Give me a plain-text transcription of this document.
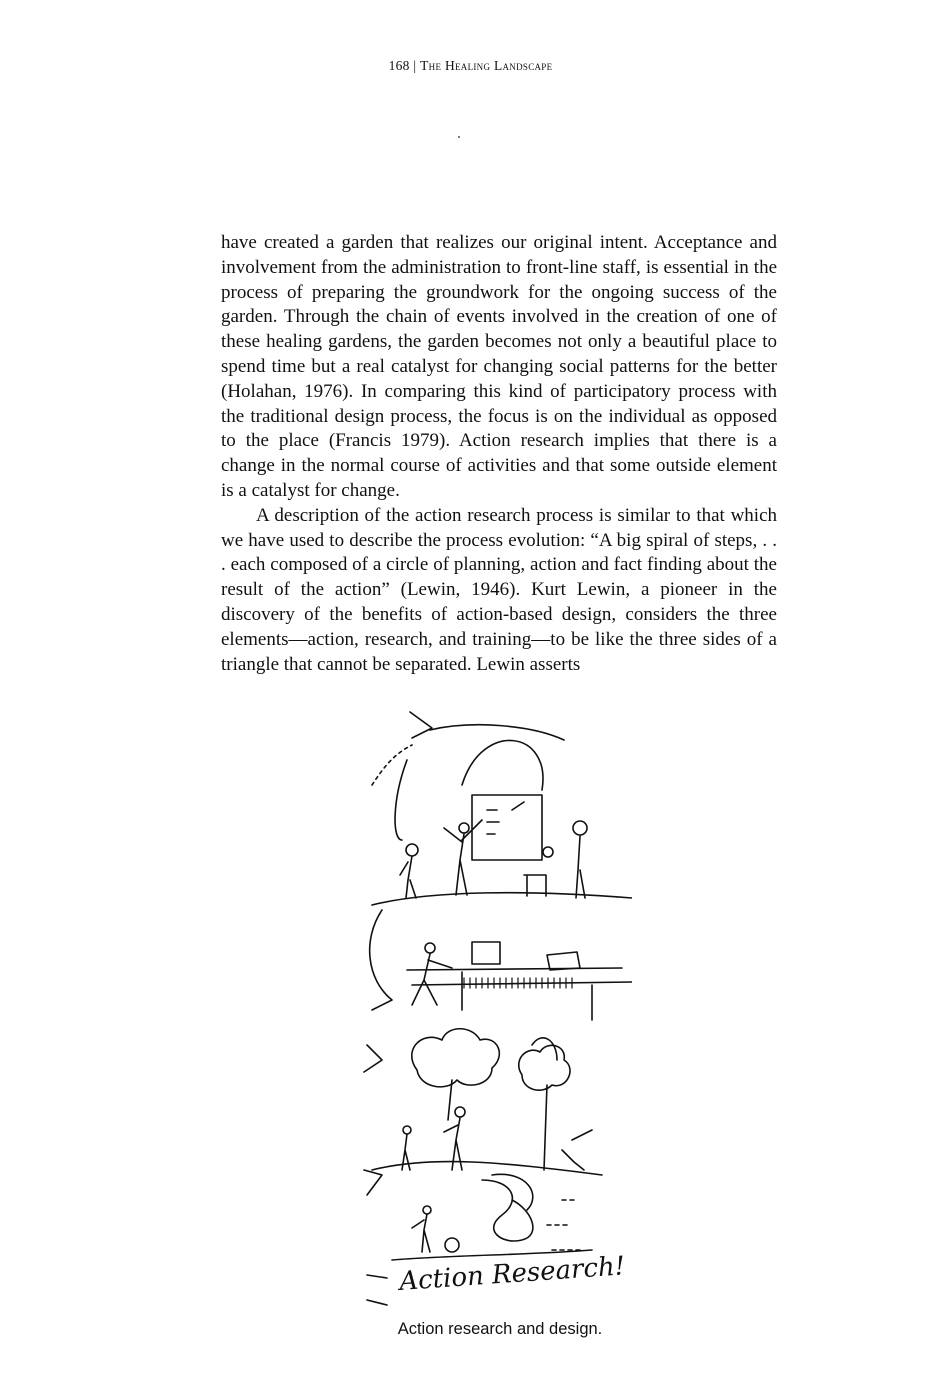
168 | The Healing Landscape

have created a garden that realizes our original intent. Acceptance and involvement from the administration to front-line staff, is essential in the process of preparing the groundwork for the ongoing success of the garden. Through the chain of events involved in the creation of one of these healing gardens, the garden becomes not only a beautiful place to spend time but a real catalyst for changing social patterns for the better (Holahan, 1976). In comparing this kind of participatory process with the traditional design process, the focus is on the individual as opposed to the place (Francis 1979). Action research implies that there is a change in the normal course of activities and that some outside element is a catalyst for change.

A description of the action research process is similar to that which we have used to describe the process evolution: “A big spiral of steps, . . . each composed of a circle of planning, action and fact finding about the result of the action” (Lewin, 1946). Kurt Lewin, a pioneer in the discovery of the benefits of action-based design, considers the three elements—action, research, and training—to be like the three sides of a triangle that cannot be separated. Lewin asserts

Action Research!
Action research and design.
